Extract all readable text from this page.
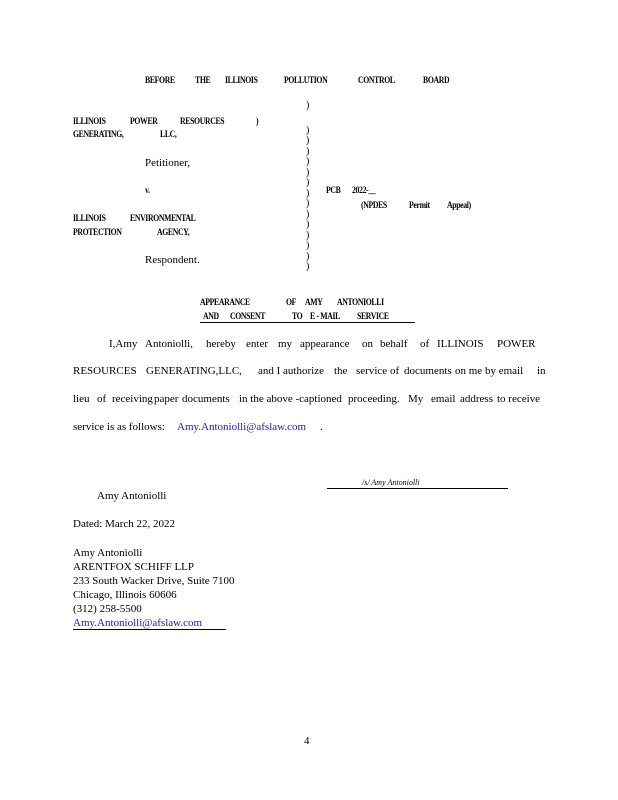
BEFORE THE ILLINOIS	POLLUTION	CONTROL	BOARD
ILLINOIS	POWER RESOURCES	)
GENERATING,	LLC,
Petitioner,
v.	PCB 2022-__
(NPDES Permit Appeal)
ILLINOIS	ENVIRONMENTAL
PROTECTION	AGENCY,
Respondent.
)
)
)
)
)
)
)
)
)
)
)
)
)
)
)
APPEARANCE	OF AMY ANTONIOLLI
AND CONSENT	TO E - MAIL SERVICE
I,Amy Antoniolli, hereby enter my appearance on behalf of ILLINOIS POWER
RESOURCES GENERATING,LLC, and I authorize the service of documents on me by email in
lieu of receiving paper documents in the above -captioned proceeding. My email address to receive
service is as follows: Amy.Antoniolli@afslaw.com .
/s/ Amy Antoniolli
Amy Antoniolli
Dated: March 22, 2022
Amy Antoniolli
ARENTFOX SCHIFF LLP
233 South Wacker Drive, Suite 7100
Chicago, Illinois 60606
(312) 258-5500
Amy.Antoniolli@afslaw.com
4
